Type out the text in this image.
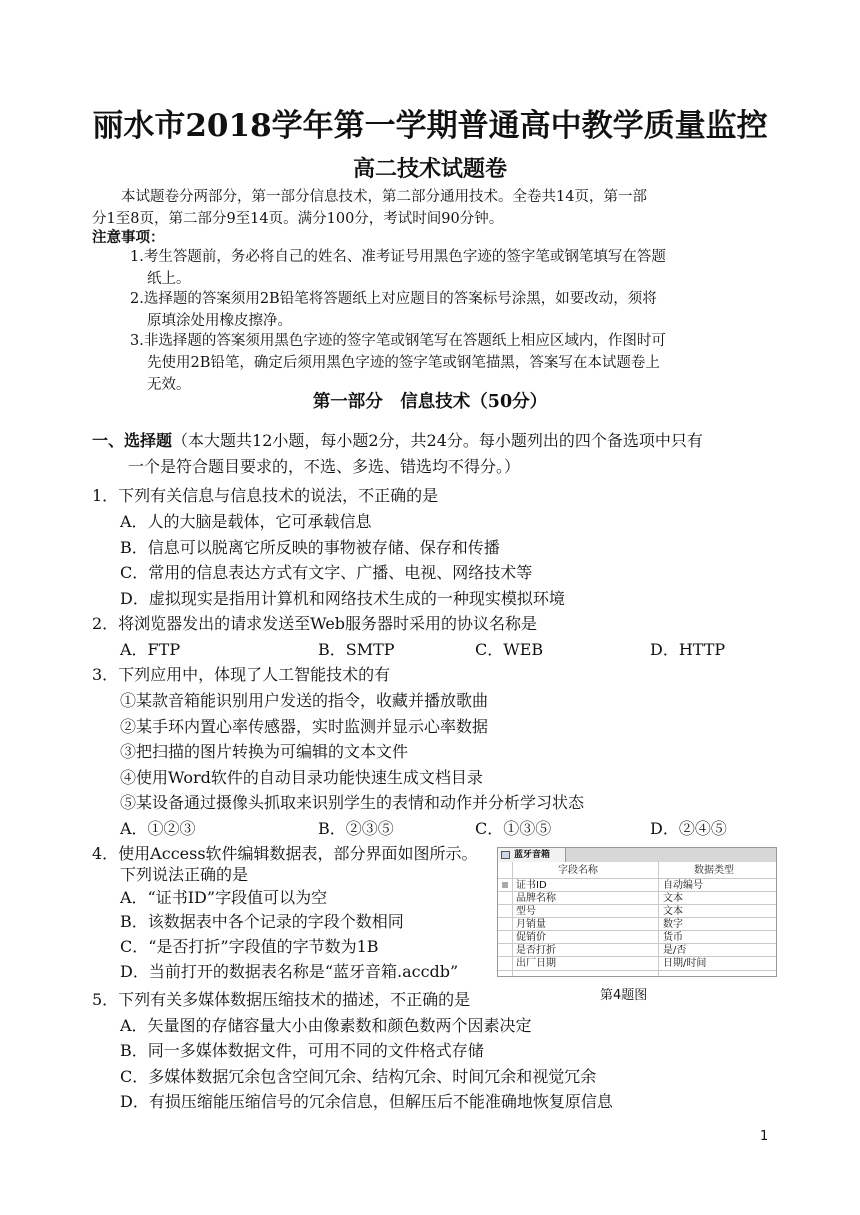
丽水市2018学年第一学期普通高中教学质量监控
高二技术试题卷
本试题卷分两部分，第一部分信息技术，第二部分通用技术。全卷共14页，第一部
分1至8页，第二部分9至14页。满分100分，考试时间90分钟。
注意事项：
1.考生答题前，务必将自己的姓名、准考证号用黑色字迹的签字笔或钢笔填写在答题
纸上。
2.选择题的答案须用2B铅笔将答题纸上对应题目的答案标号涂黑，如要改动，须将
原填涂处用橡皮擦净。
3.非选择题的答案须用黑色字迹的签字笔或钢笔写在答题纸上相应区域内，作图时可
先使用2B铅笔，确定后须用黑色字迹的签字笔或钢笔描黑，答案写在本试题卷上
无效。
第一部分　信息技术（50分）
一、选择题（本大题共12小题，每小题2分，共24分。每小题列出的四个备选项中只有
一个是符合题目要求的，不选、多选、错选均不得分。）
1．下列有关信息与信息技术的说法，不正确的是
A．人的大脑是载体，它可承载信息
B．信息可以脱离它所反映的事物被存储、保存和传播
C．常用的信息表达方式有文字、广播、电视、网络技术等
D．虚拟现实是指用计算机和网络技术生成的一种现实模拟环境
2．将浏览器发出的请求发送至Web服务器时采用的协议名称是
A．FTP	B．SMTP	C．WEB	D．HTTP
3．下列应用中，体现了人工智能技术的有
①某款音箱能识别用户发送的指令，收藏并播放歌曲
②某手环内置心率传感器，实时监测并显示心率数据
③把扫描的图片转换为可编辑的文本文件
④使用Word软件的自动目录功能快速生成文档目录
⑤某设备通过摄像头抓取来识别学生的表情和动作并分析学习状态
A．①②③	B．②③⑤	C．①③⑤	D．②④⑤
4．使用Access软件编辑数据表，部分界面如图所示。
下列说法正确的是
A．“证书ID”字段值可以为空
B．该数据表中各个记录的字段个数相同
C．“是否打折”字段值的字节数为1B
D．当前打开的数据表名称是“蓝牙音箱.accdb”
蓝牙音箱
字段名称	数据类型
证书ID	自动编号
品牌名称	文本
型号	文本
月销量	数字
促销价	货币
是否打折	是/否
出厂日期	日期/时间
第4题图
5．下列有关多媒体数据压缩技术的描述，不正确的是
A．矢量图的存储容量大小由像素数和颜色数两个因素决定
B．同一多媒体数据文件，可用不同的文件格式存储
C．多媒体数据冗余包含空间冗余、结构冗余、时间冗余和视觉冗余
D．有损压缩能压缩信号的冗余信息，但解压后不能准确地恢复原信息
1
